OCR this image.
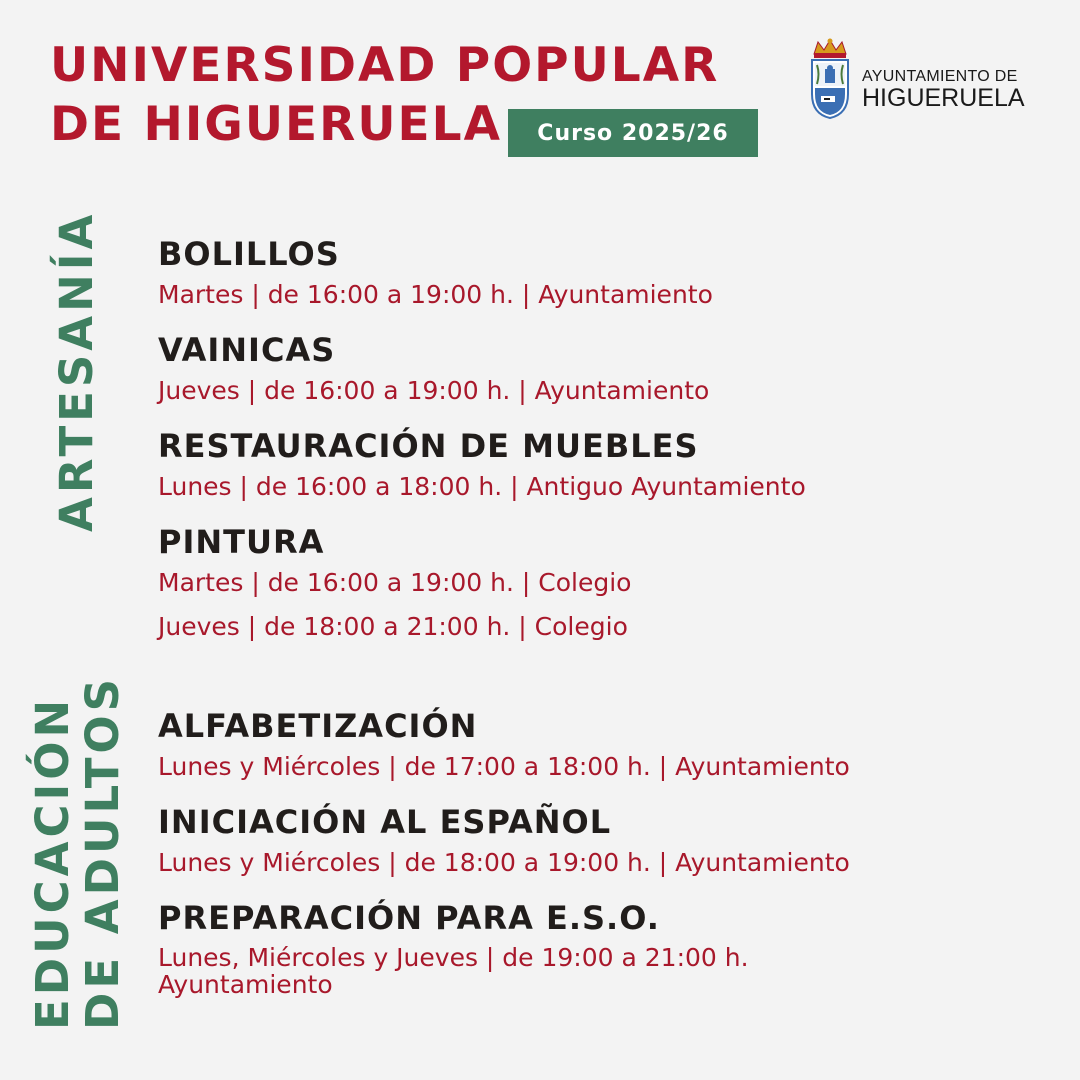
UNIVERSIDAD POPULAR
DE HIGUERUELA	Curso 2025/26
AYUNTAMIENTO DE
HIGUERUELA
ARTESANÍA
EDUCACIÓN
DE ADULTOS
BOLILLOS
Martes | de 16:00 a 19:00 h. | Ayuntamiento
VAINICAS
Jueves | de 16:00 a 19:00 h. | Ayuntamiento
RESTAURACIÓN DE MUEBLES
Lunes | de 16:00 a 18:00 h. | Antiguo Ayuntamiento
PINTURA
Martes | de 16:00 a 19:00 h. | Colegio
Jueves | de 18:00 a 21:00 h. | Colegio
ALFABETIZACIÓN
Lunes y Miércoles | de 17:00 a 18:00 h. | Ayuntamiento
INICIACIÓN AL ESPAÑOL
Lunes y Miércoles | de 18:00 a 19:00 h. | Ayuntamiento
PREPARACIÓN PARA E.S.O.
Lunes, Miércoles y Jueves | de 19:00 a 21:00 h.
Ayuntamiento
